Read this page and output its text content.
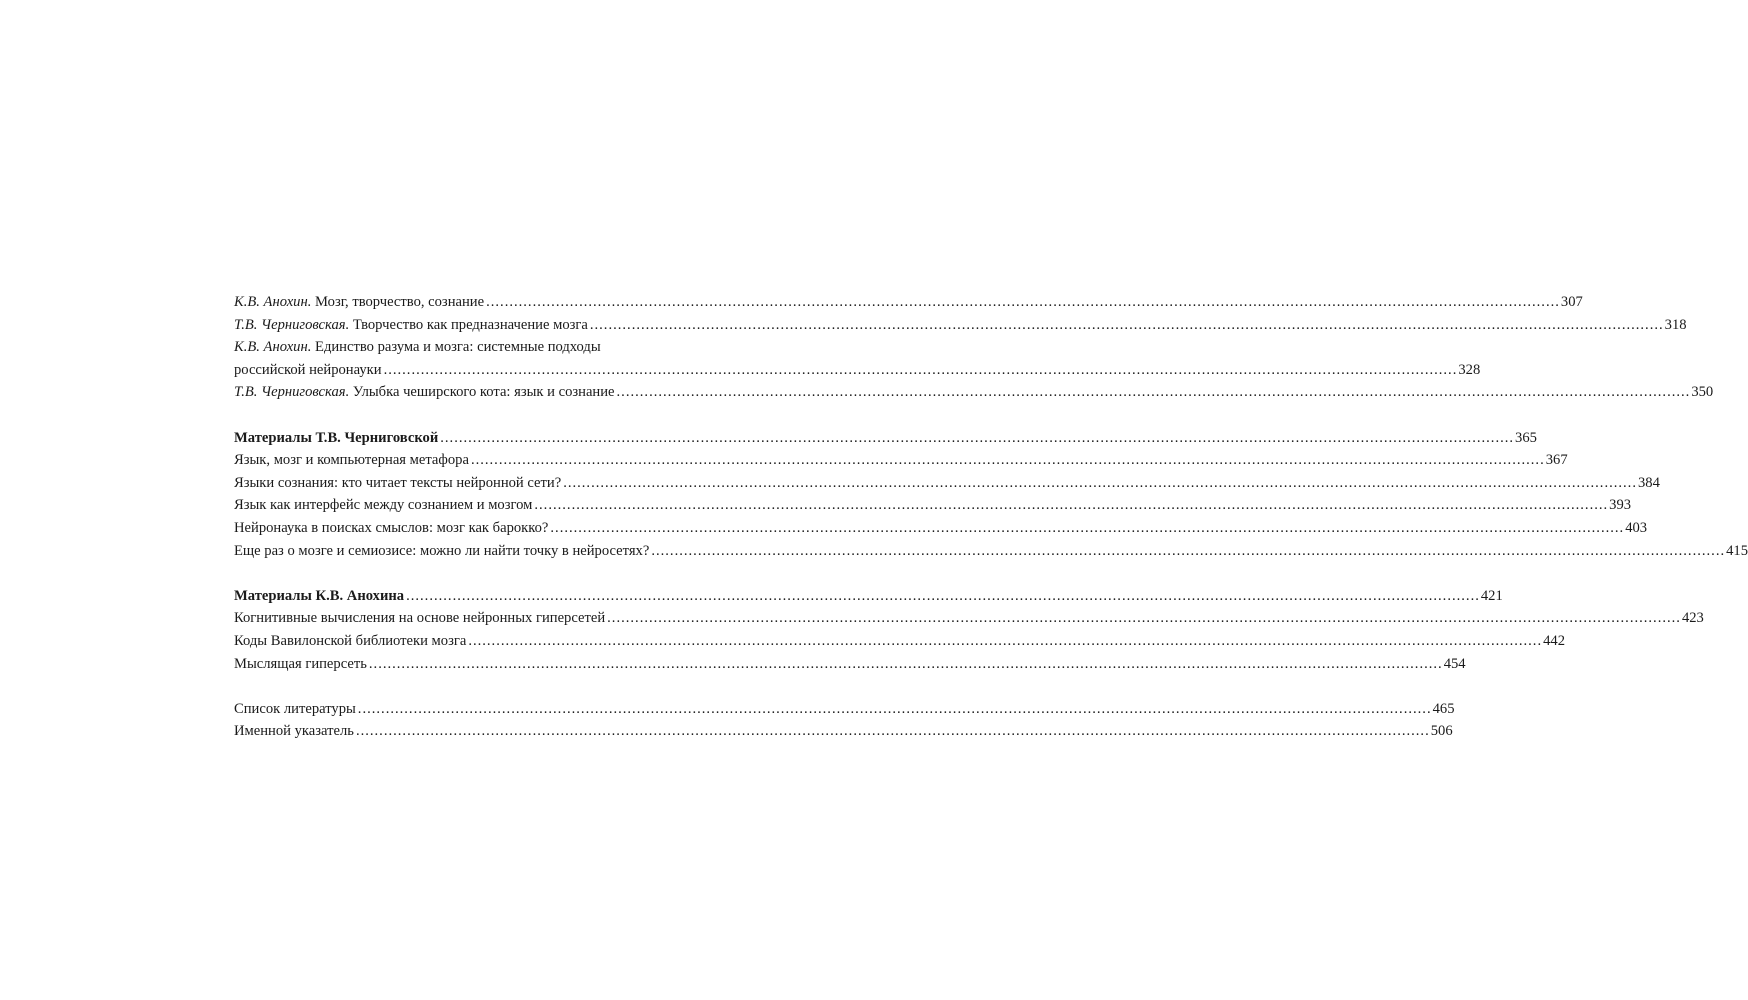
К.В. Анохин. Мозг, творчество, сознание .....	307
Т.В. Черниговская. Творчество как предназначение мозга .....	318
К.В. Анохин. Единство разума и мозга: системные подходы
российской нейронауки .....	328
Т.В. Черниговская. Улыбка чеширского кота: язык и сознание .....	350
Материалы Т.В. Черниговской .....	365
Язык, мозг и компьютерная метафора .....	367
Языки сознания: кто читает тексты нейронной сети? .....	384
Язык как интерфейс между сознанием и мозгом .....	393
Нейронаука в поисках смыслов: мозг как барокко? .....	403
Еще раз о мозге и семиозисе: можно ли найти точку в нейросетях? .....	415
Материалы К.В. Анохина .....	421
Когнитивные вычисления на основе нейронных гиперсетей .....	423
Коды Вавилонской библиотеки мозга .....	442
Мыслящая гиперсеть .....	454
Список литературы .....	465
Именной указатель .....	506
